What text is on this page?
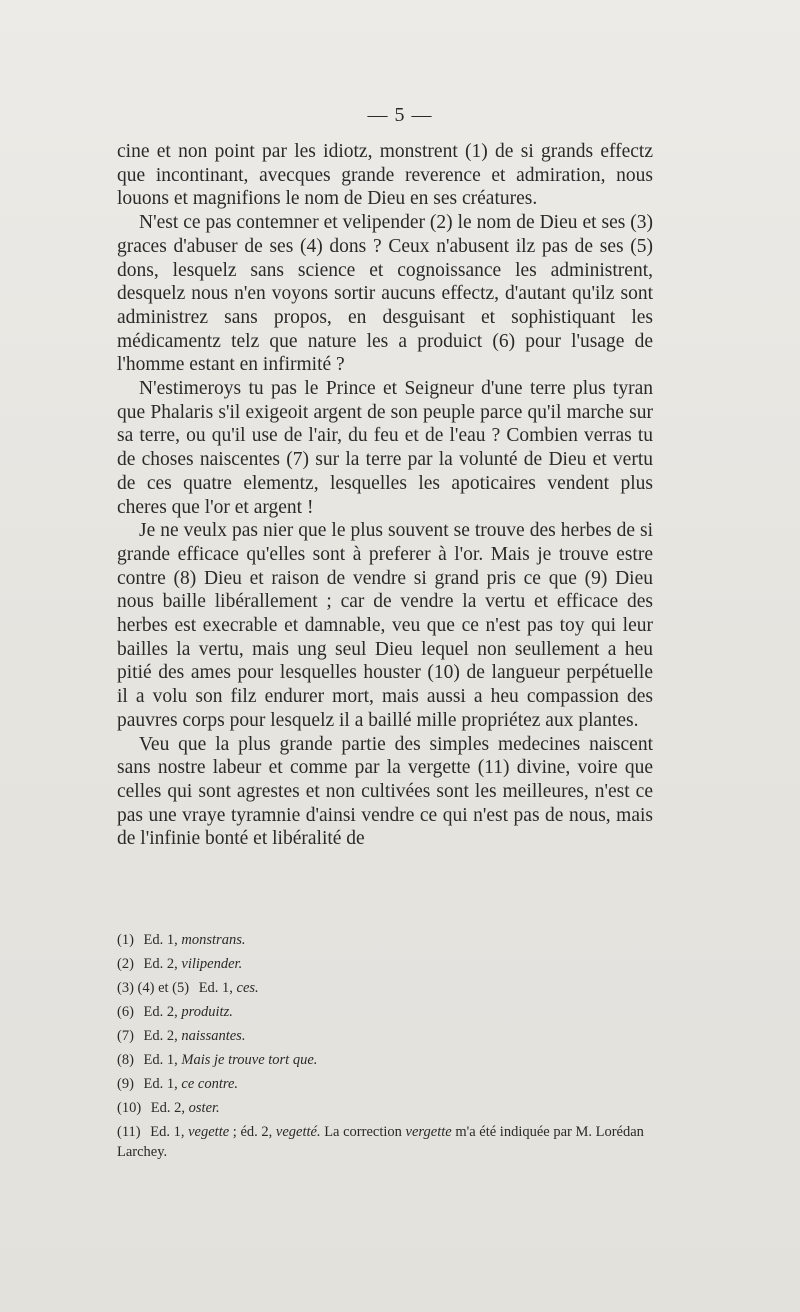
— 5 —

cine et non point par les idiotz, monstrent (1) de si grands effectz que incontinant, avecques grande reverence et admiration, nous louons et magnifions le nom de Dieu en ses créatures.

N'est ce pas contemner et velipender (2) le nom de Dieu et ses (3) graces d'abuser de ses (4) dons ? Ceux n'abusent ilz pas de ses (5) dons, lesquelz sans science et cognoissance les administrent, desquelz nous n'en voyons sortir aucuns effectz, d'autant qu'ilz sont administrez sans propos, en desguisant et sophistiquant les médicamentz telz que nature les a produict (6) pour l'usage de l'homme estant en infirmité ?

N'estimeroys tu pas le Prince et Seigneur d'une terre plus tyran que Phalaris s'il exigeoit argent de son peuple parce qu'il marche sur sa terre, ou qu'il use de l'air, du feu et de l'eau ? Combien verras tu de choses naiscentes (7) sur la terre par la volunté de Dieu et vertu de ces quatre elementz, lesquelles les apoticaires vendent plus cheres que l'or et argent !

Je ne veulx pas nier que le plus souvent se trouve des herbes de si grande efficace qu'elles sont à preferer à l'or. Mais je trouve estre contre (8) Dieu et raison de vendre si grand pris ce que (9) Dieu nous baille libérallement ; car de vendre la vertu et efficace des herbes est execrable et damnable, veu que ce n'est pas toy qui leur bailles la vertu, mais ung seul Dieu lequel non seullement a heu pitié des ames pour lesquelles houster (10) de langueur perpétuelle il a volu son filz endurer mort, mais aussi a heu compassion des pauvres corps pour lesquelz il a baillé mille propriétez aux plantes.

Veu que la plus grande partie des simples medecines naiscent sans nostre labeur et comme par la vergette (11) divine, voire que celles qui sont agrestes et non cultivées sont les meilleures, n'est ce pas une vraye tyramnie d'ainsi vendre ce qui n'est pas de nous, mais de l'infinie bonté et libéralité de

(1) Ed. 1, monstrans.
(2) Ed. 2, vilipender.
(3) (4) et (5) Ed. 1, ces.
(6) Ed. 2, produitz.
(7) Ed. 2, naissantes.
(8) Ed. 1, Mais je trouve tort que.
(9) Ed. 1, ce contre.
(10) Ed. 2, oster.
(11) Ed. 1, vegette ; éd. 2, vegetté. La correction vergette m'a été indiquée par M. Lorédan Larchey.
